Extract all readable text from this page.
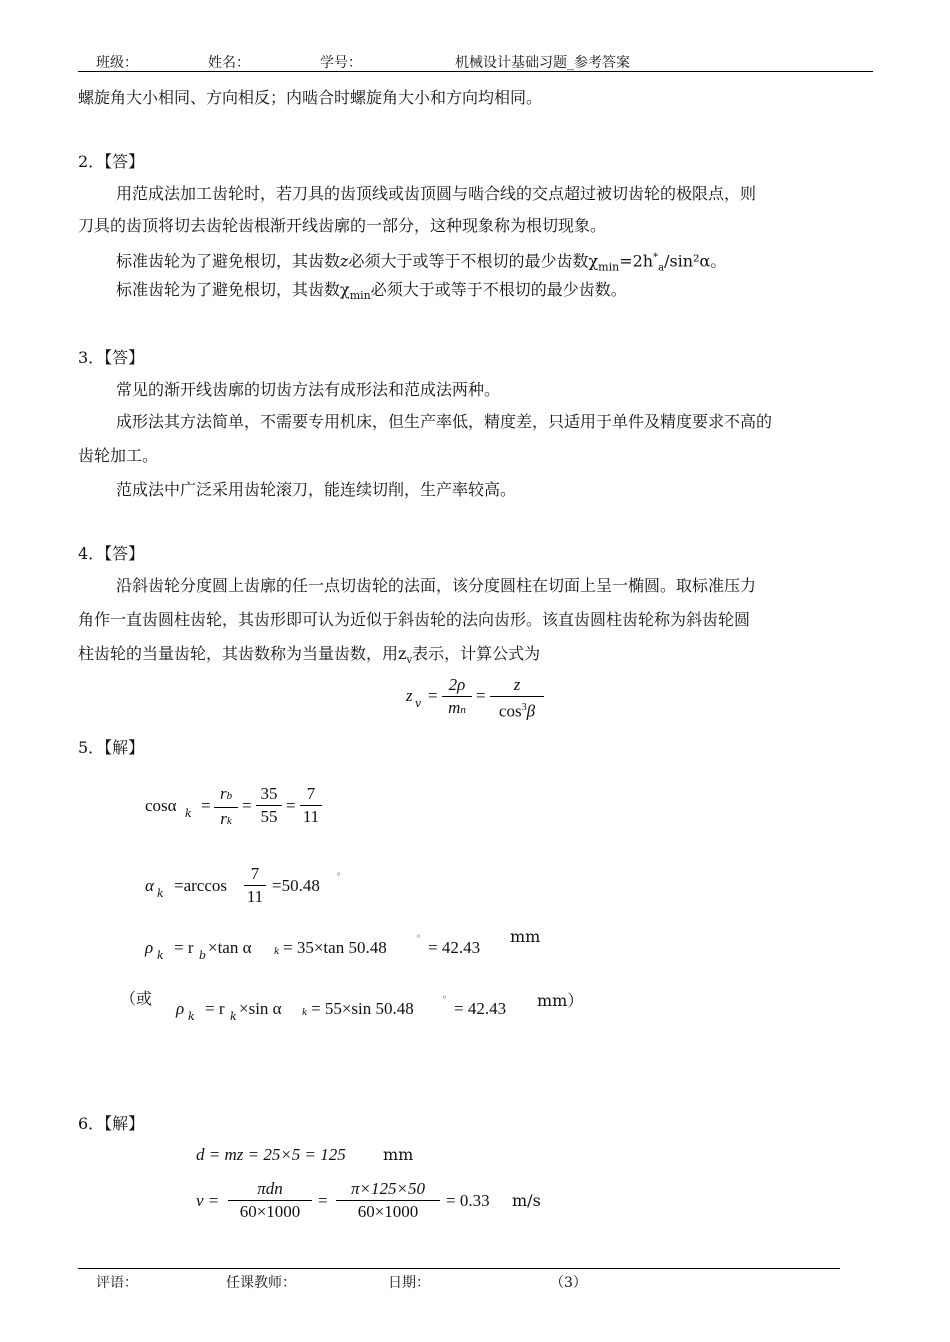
班级：	姓名：	学号：	机械设计基础习题_参考答案
螺旋角大小相同、方向相反；内啮合时螺旋角大小和方向均相同。
2．【答】
用范成法加工齿轮时，若刀具的齿顶线或齿顶圆与啮合线的交点超过被切齿轮的极限点，则
刀具的齿顶将切去齿轮齿根渐开线齿廓的一部分，这种现象称为根切现象。
标准齿轮为了避免根切，其齿数z必须大于或等于不根切的最少齿数$\chi_{min}=2h^*_a$/sin²α。
标准齿轮为了避免根切，其齿数$\chi_{min}$必须大于或等于不根切的最少齿数。
3．【答】
常见的渐开线齿廓的切齿方法有成形法和范成法两种。
成形法其方法简单，不需要专用机床，但生产率低，精度差，只适用于单件及精度要求不高的
齿轮加工。
范成法中广泛采用齿轮滚刀，能连续切削，生产率较高。
4．【答】
沿斜齿轮分度圆上齿廓的任一点切齿轮的法面，该分度圆柱在切面上呈一椭圆。取标准压力
角作一直齿圆柱齿轮，其齿形即可认为近似于斜齿轮的法向齿形。该直齿圆柱齿轮称为斜齿轮圆
柱齿轮的当量齿轮，其齿数称为当量齿数，用$z_v$表示，计算公式为
z v =
2ρ
mn
=
z
$\cos^3\beta$
5．【解】
cosα k =
rb
rk
=
35
55
=
7
11
α k =arccos
7
11
=50.48 °
ρ k = r b ×tan α k = 35×tan 50.48	° = 42.43
mm
（或
ρ k = r k ×sin α k = 55×sin 50.48	° = 42.43 mm）
6．【解】
d = mz = 25×5 = 125 mm
v =
πdn
60×1000
=
π×125×50
60×1000
= 0.33 m/s
评语：	任课教师：	日期：	（3）
